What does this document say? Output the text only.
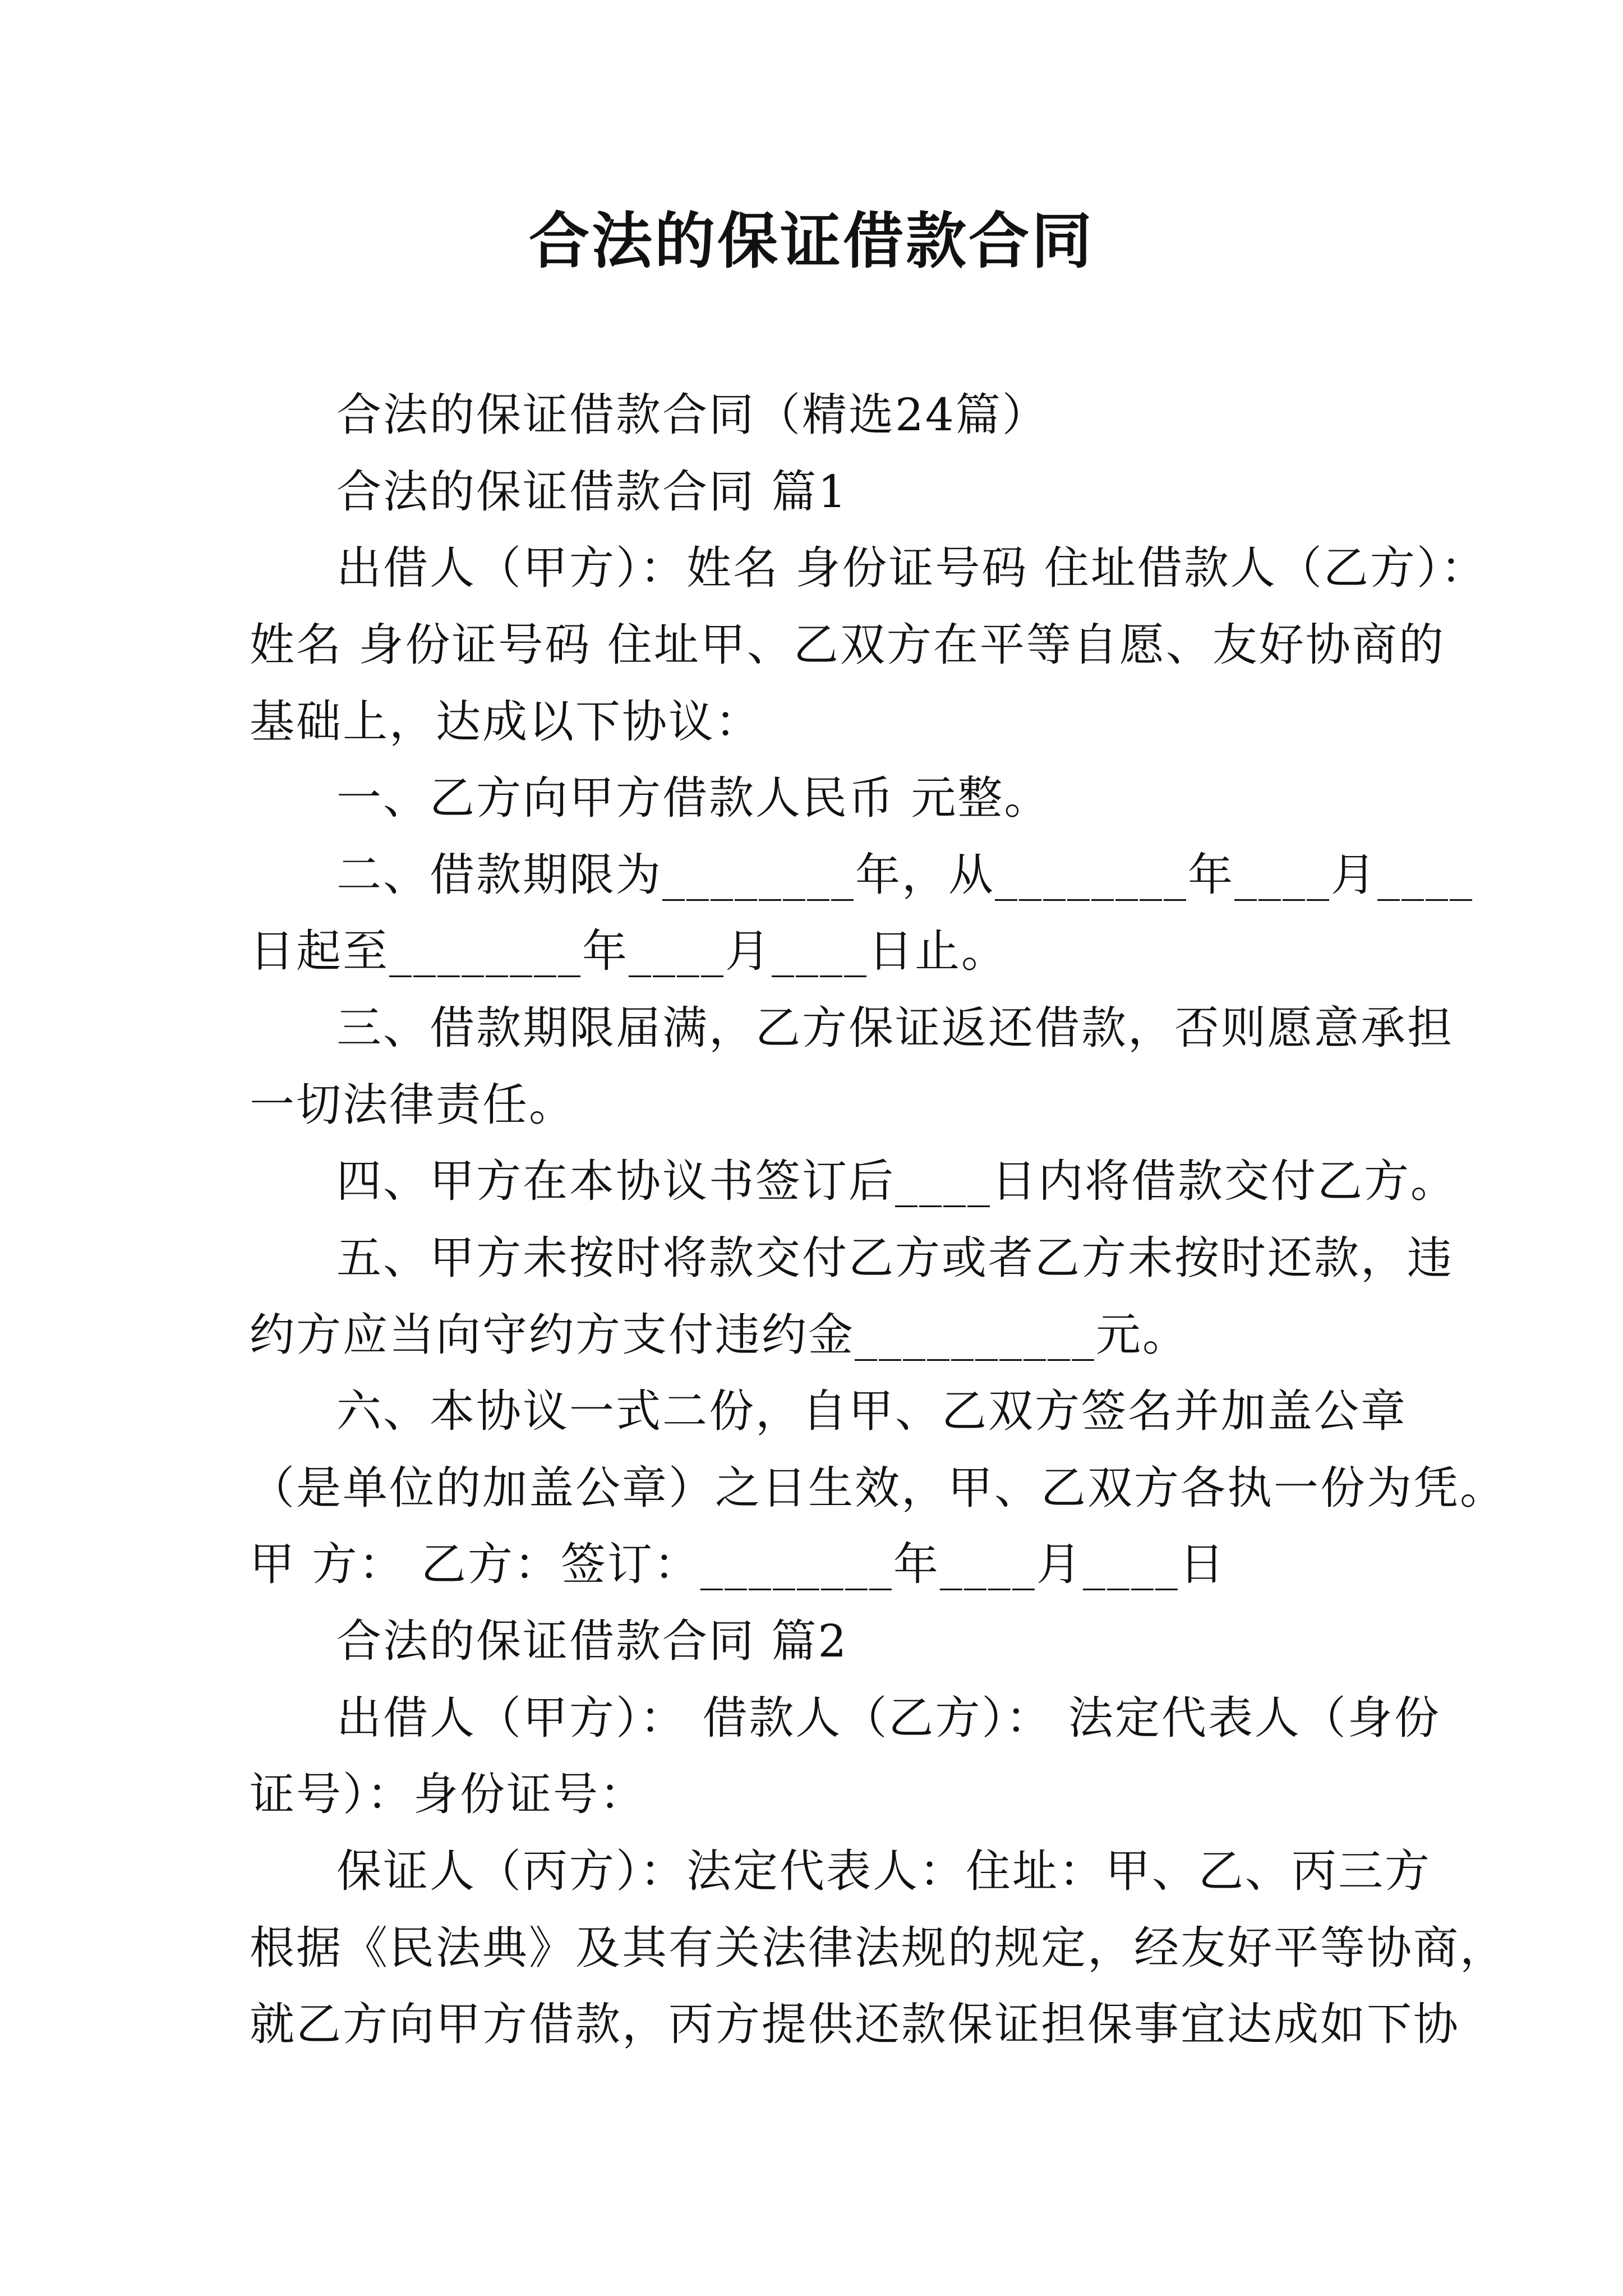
合法的保证借款合同
合法的保证借款合同（精选24篇）
合法的保证借款合同 篇1
出借人（甲方）：姓名 身份证号码 住址借款人（乙方）：
姓名 身份证号码 住址甲、乙双方在平等自愿、友好协商的
基础上，达成以下协议：
一、乙方向甲方借款人民币 元整。
二、借款期限为________年，从________年____月____
日起至________年____月____日止。
三、借款期限届满，乙方保证返还借款，否则愿意承担
一切法律责任。
四、甲方在本协议书签订后____日内将借款交付乙方。
五、甲方未按时将款交付乙方或者乙方未按时还款，违
约方应当向守约方支付违约金__________元。
六、本协议一式二份，自甲、乙双方签名并加盖公章
（是单位的加盖公章）之日生效，甲、乙双方各执一份为凭。
甲 方： 乙方：签订：________年____月____日
合法的保证借款合同 篇2
出借人（甲方）： 借款人（乙方）： 法定代表人（身份
证号）：身份证号：
保证人（丙方）：法定代表人：住址：甲、乙、丙三方
根据《民法典》及其有关法律法规的规定，经友好平等协商，
就乙方向甲方借款，丙方提供还款保证担保事宜达成如下协
